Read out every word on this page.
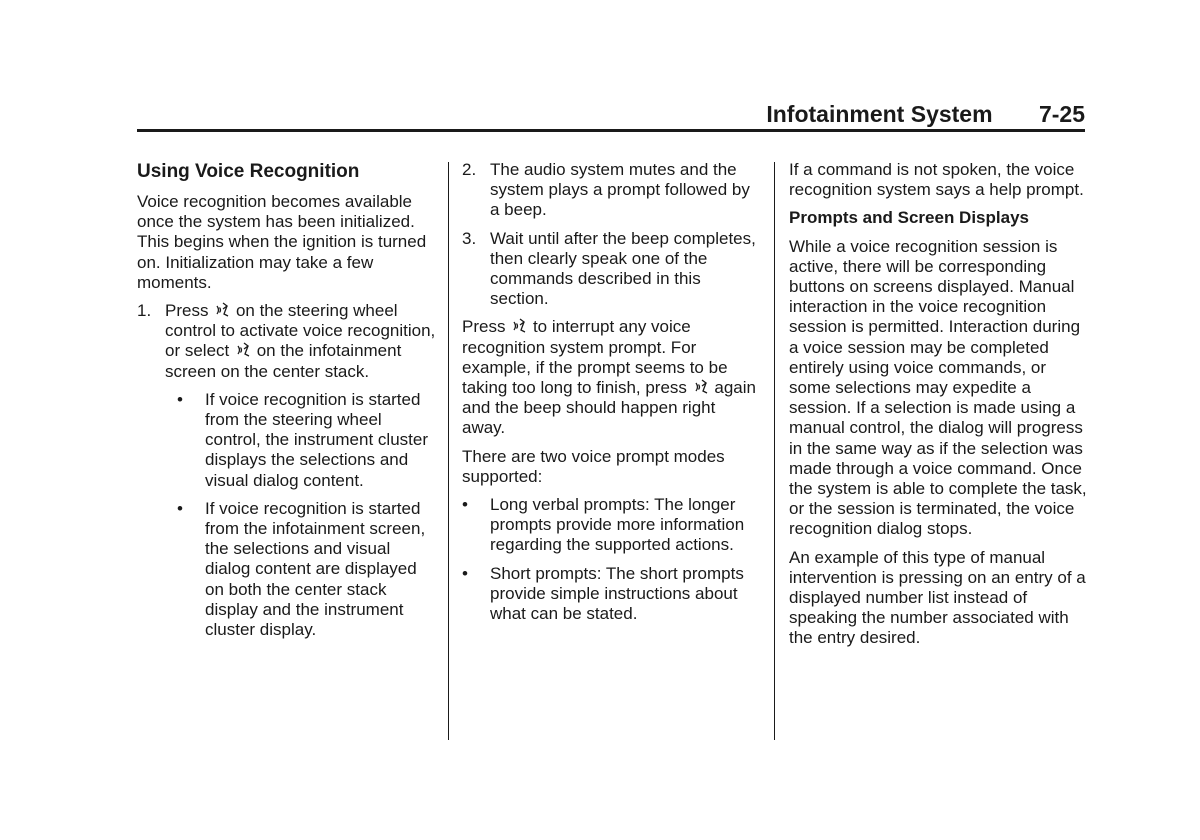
Infotainment System 7-25
Using Voice Recognition

Voice recognition becomes available once the system has been initialized. This begins when the ignition is turned on. Initialization may take a few moments.

1. Press on the steering wheel control to activate voice recognition, or select on the infotainment screen on the center stack.
•	If voice recognition is started from the steering wheel control, the instrument cluster displays the selections and visual dialog content.
•	If voice recognition is started from the infotainment screen, the selections and visual dialog content are displayed on both the center stack display and the instrument cluster display.
2. The audio system mutes and the system plays a prompt followed by a beep.
3. Wait until after the beep completes, then clearly speak one of the commands described in this section.

Press to interrupt any voice recognition system prompt. For example, if the prompt seems to be taking too long to finish, press again and the beep should happen right away.

There are two voice prompt modes supported:

•	Long verbal prompts: The longer prompts provide more information regarding the supported actions.
•	Short prompts: The short prompts provide simple instructions about what can be stated.

If a command is not spoken, the voice recognition system says a help prompt.

Prompts and Screen Displays

While a voice recognition session is active, there will be corresponding buttons on screens displayed. Manual interaction in the voice recognition session is permitted. Interaction during a voice session may be completed entirely using voice commands, or some selections may expedite a session. If a selection is made using a manual control, the dialog will progress in the same way as if the selection was made through a voice command. Once the system is able to complete the task, or the session is terminated, the voice recognition dialog stops.

An example of this type of manual intervention is pressing on an entry of a displayed number list instead of speaking the number associated with the entry desired.
